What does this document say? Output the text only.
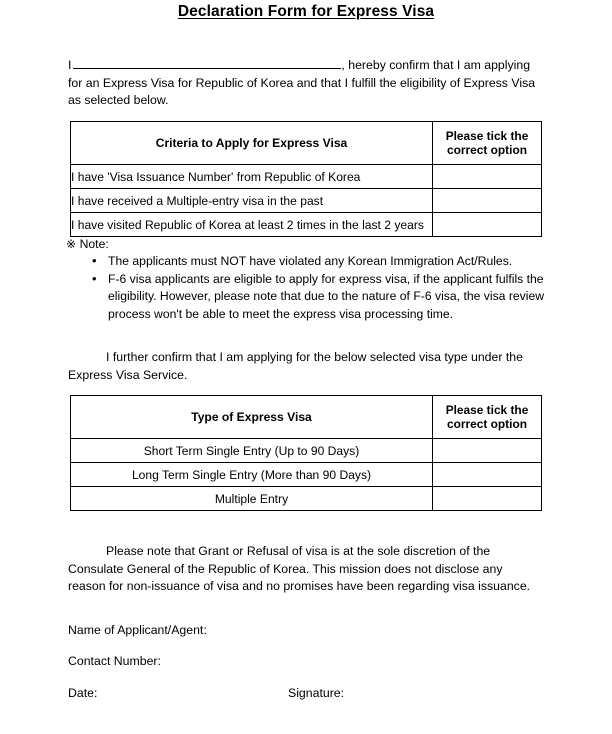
Declaration Form for Express Visa
I	, hereby confirm that I am applying for an Express Visa for Republic of Korea and that I fulfill the eligibility of Express Visa as selected below.
Criteria to Apply for Express Visa	Please tick the correct option
I have 'Visa Issuance Number' from Republic of Korea	
I have received a Multiple-entry visa in the past	
I have visited Republic of Korea at least 2 times in the last 2 years	
※ Note:
• The applicants must NOT have violated any Korean Immigration Act/Rules.
• F-6 visa applicants are eligible to apply for express visa, if the applicant fulfils the eligibility. However, please note that due to the nature of F-6 visa, the visa review process won't be able to meet the express visa processing time.
I further confirm that I am applying for the below selected visa type under the Express Visa Service.
Type of Express Visa	Please tick the correct option
Short Term Single Entry (Up to 90 Days)	
Long Term Single Entry (More than 90 Days)	
Multiple Entry	
Please note that Grant or Refusal of visa is at the sole discretion of the Consulate General of the Republic of Korea. This mission does not disclose any reason for non-issuance of visa and no promises have been regarding visa issuance.
Name of Applicant/Agent:
Contact Number:
Date:	Signature:
